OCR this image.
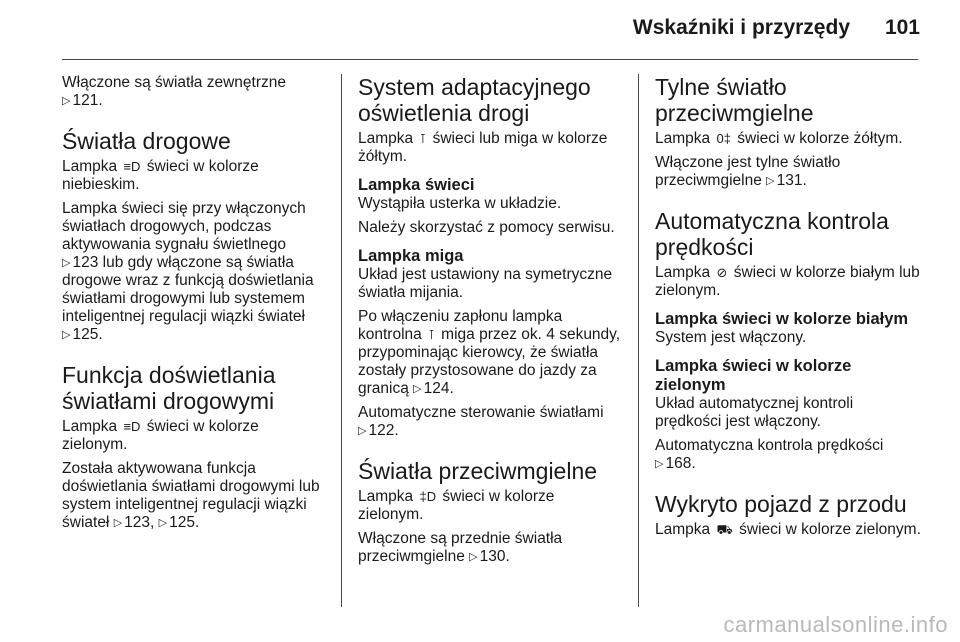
Wskaźniki i przyrzędy 101

Włączone są światła zewnętrzne
▷ 121.

Światła drogowe

Lampka ≡D świeci w kolorze niebieskim.

Lampka świeci się przy włączonych światłach drogowych, podczas aktywowania sygnału świetlnego
▷ 123 lub gdy włączone są światła drogowe wraz z funkcją doświetlania światłami drogowymi lub systemem inteligentnej regulacji wiązki świateł
▷ 125.

Funkcja doświetlania światłami drogowymi

Lampka ≡D świeci w kolorze zielonym.

Została aktywowana funkcja doświetlania światłami drogowymi lub system inteligentnej regulacji wiązki świateł ▷ 123, ▷ 125.

System adaptacyjnego oświetlenia drogi

Lampka ⊺ świeci lub miga w kolorze żółtym.

Lampka świeci

Wystąpiła usterka w układzie.

Należy skorzystać z pomocy serwisu.

Lampka miga

Układ jest ustawiony na symetryczne światła mijania.

Po włączeniu zapłonu lampka kontrolna ⊺ miga przez ok. 4 sekundy, przypominając kierowcy, że światła zostały przystosowane do jazdy za granicą ▷ 124.

Automatyczne sterowanie światłami
▷ 122.

Światła przeciwmgielne

Lampka ‡D świeci w kolorze zielonym.

Włączone są przednie światła przeciwmgielne ▷ 130.

Tylne światło przeciwmgielne

Lampka 0‡ świeci w kolorze żółtym.

Włączone jest tylne światło przeciwmgielne ▷ 131.

Automatyczna kontrola prędkości

Lampka ⊘ świeci w kolorze białym lub zielonym.

Lampka świeci w kolorze białym

System jest włączony.

Lampka świeci w kolorze zielonym

Układ automatycznej kontroli prędkości jest włączony.

Automatyczna kontrola prędkości
▷ 168.

Wykryto pojazd z przodu

Lampka ⛟ świeci w kolorze zielonym.

carmanualsonline.info
